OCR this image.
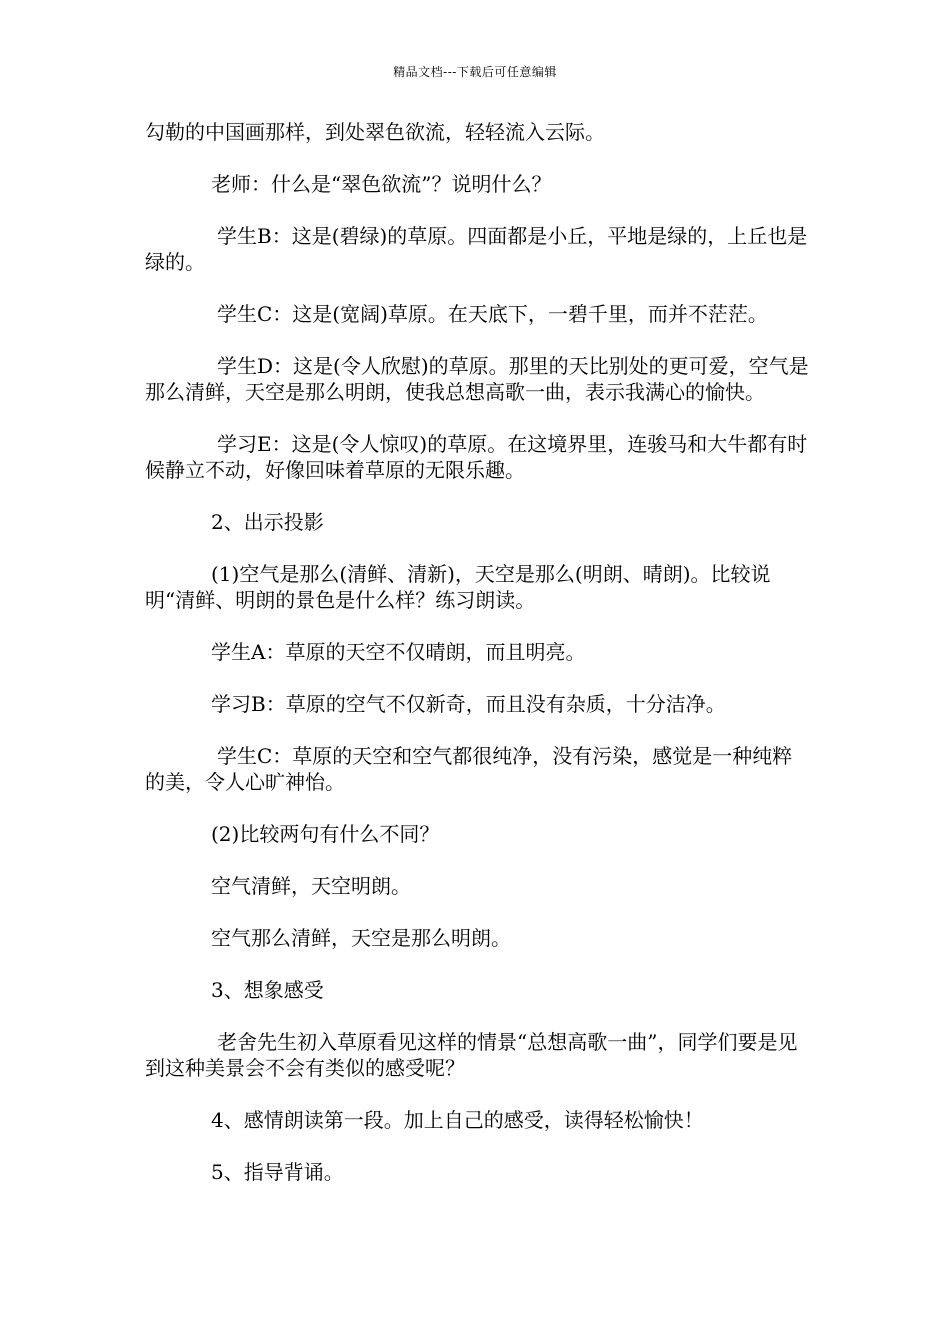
精品文档---下载后可任意编辑

勾勒的中国画那样，到处翠色欲流，轻轻流入云际。

老师：什么是“翠色欲流”？说明什么？

学生B：这是(碧绿)的草原。四面都是小丘，平地是绿的，上丘也是绿的。

学生C：这是(宽阔)草原。在天底下，一碧千里，而并不茫茫。

学生D：这是(令人欣慰)的草原。那里的天比别处的更可爱，空气是那么清鲜，天空是那么明朗，使我总想高歌一曲，表示我满心的愉快。

学习E：这是(令人惊叹)的草原。在这境界里，连骏马和大牛都有时候静立不动，好像回味着草原的无限乐趣。

2、出示投影

(1)空气是那么(清鲜、清新)，天空是那么(明朗、晴朗)。比较说明“清鲜、明朗的景色是什么样？练习朗读。

学生A：草原的天空不仅晴朗，而且明亮。

学习B：草原的空气不仅新奇，而且没有杂质，十分洁净。

学生C：草原的天空和空气都很纯净，没有污染，感觉是一种纯粹的美，令人心旷神怡。

(2)比较两句有什么不同？

空气清鲜，天空明朗。

空气那么清鲜，天空是那么明朗。

3、想象感受

老舍先生初入草原看见这样的情景“总想高歌一曲”，同学们要是见到这种美景会不会有类似的感受呢？

4、感情朗读第一段。加上自己的感受，读得轻松愉快！

5、指导背诵。
